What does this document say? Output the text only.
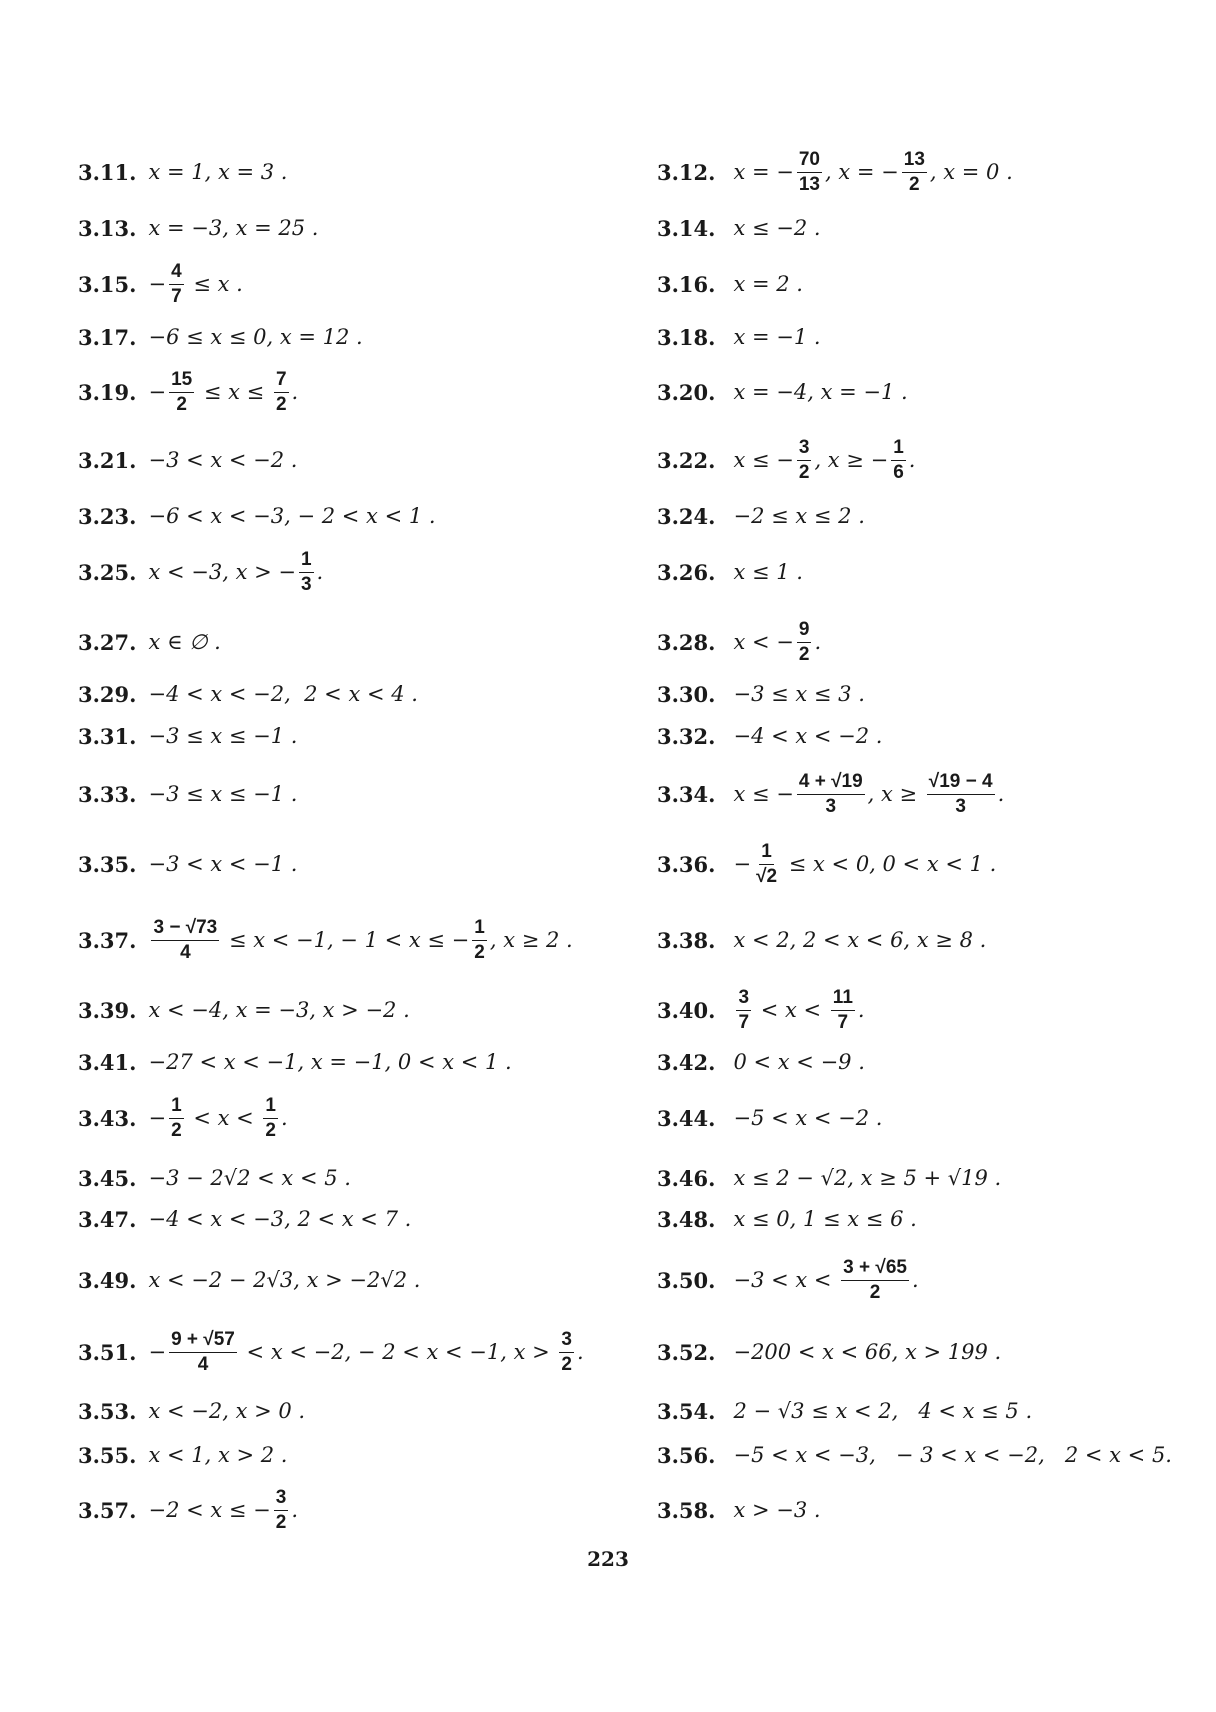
3.11. x = 1, x = 3 .	3.12. x = − $\frac{70}{13}$ , x = − $\frac{13}{2}$ , x = 0 .
3.13. x = −3, x = 25 .	3.14. x ≤ −2 .
3.15. − $\frac{4}{7} \le x$ .	3.16. x = 2 .
3.17. −6 ≤ x ≤ 0, x = 12 .	3.18. x = −1 .
3.19. − $\frac{15}{2} \le x \le \frac{7}{2}$ .	3.20. x = −4, x = −1 .
3.21. −3 < x < −2 .	3.22. x ≤ − $\frac{3}{2}$ , x ≥ − $\frac{1}{6}$ .
3.23. −6 < x < −3, − 2 < x < 1 .	3.24. −2 ≤ x ≤ 2 .
3.25. x < −3, x > − $\frac{1}{3}$ .	3.26. x ≤ 1 .
3.27. x ∈ ∅ .	3.28. x < − $\frac{9}{2}$ .
3.29. −4 < x < −2,  2 < x < 4 .	3.30. −3 ≤ x ≤ 3 .
3.31. −3 ≤ x ≤ −1 .	3.32. −4 < x < −2 .
3.33. −3 ≤ x ≤ −1 .	3.34. x ≤ − $\frac{4 + √19}{3}$ , $x \ge \frac{√19 - 4}{3}$ .
3.35. −3 < x < −1 .	3.36. − $\frac{1}{√2} \le x < 0$, 0 < x < 1 .
3.37. $\frac{3 - √73}{4} \le x < -1$, − 1 < x ≤ − $\frac{1}{2}$ , x ≥ 2 .	3.38. x < 2, 2 < x < 6, x ≥ 8 .
3.39. x < −4, x = −3, x > −2 .	3.40. $\frac{3}{7} < x < \frac{11}{7}$ .
3.41. −27 < x < −1, x = −1, 0 < x < 1 .	3.42. 0 < x < −9 .
3.43. − $\frac{1}{2} < x < \frac{1}{2}$ .	3.44. −5 < x < −2 .
3.45. −3 − 2√2 < x < 5 .	3.46. x ≤ 2 − √2, x ≥ 5 + √19 .
3.47. −4 < x < −3, 2 < x < 7 .	3.48. x ≤ 0, 1 ≤ x ≤ 6 .
3.49. x < −2 − 2√3, x > −2√2 .	3.50. $-3 < x < \frac{3 + √65}{2}$ .
3.51. − $\frac{9 + √57}{4} < x < -2$, − 2 < x < −1, $x > \frac{3}{2}$ .	3.52. −200 < x < 66, x > 199 .
3.53. x < −2, x > 0 .	3.54. 2 − √3 ≤ x < 2,   4 < x ≤ 5 .
3.55. x < 1, x > 2 .	3.56. −5 < x < −3,   − 3 < x < −2,   2 < x < 5.
3.57. −2 < x ≤ − $\frac{3}{2}$ .	3.58. x > −3 .
223
